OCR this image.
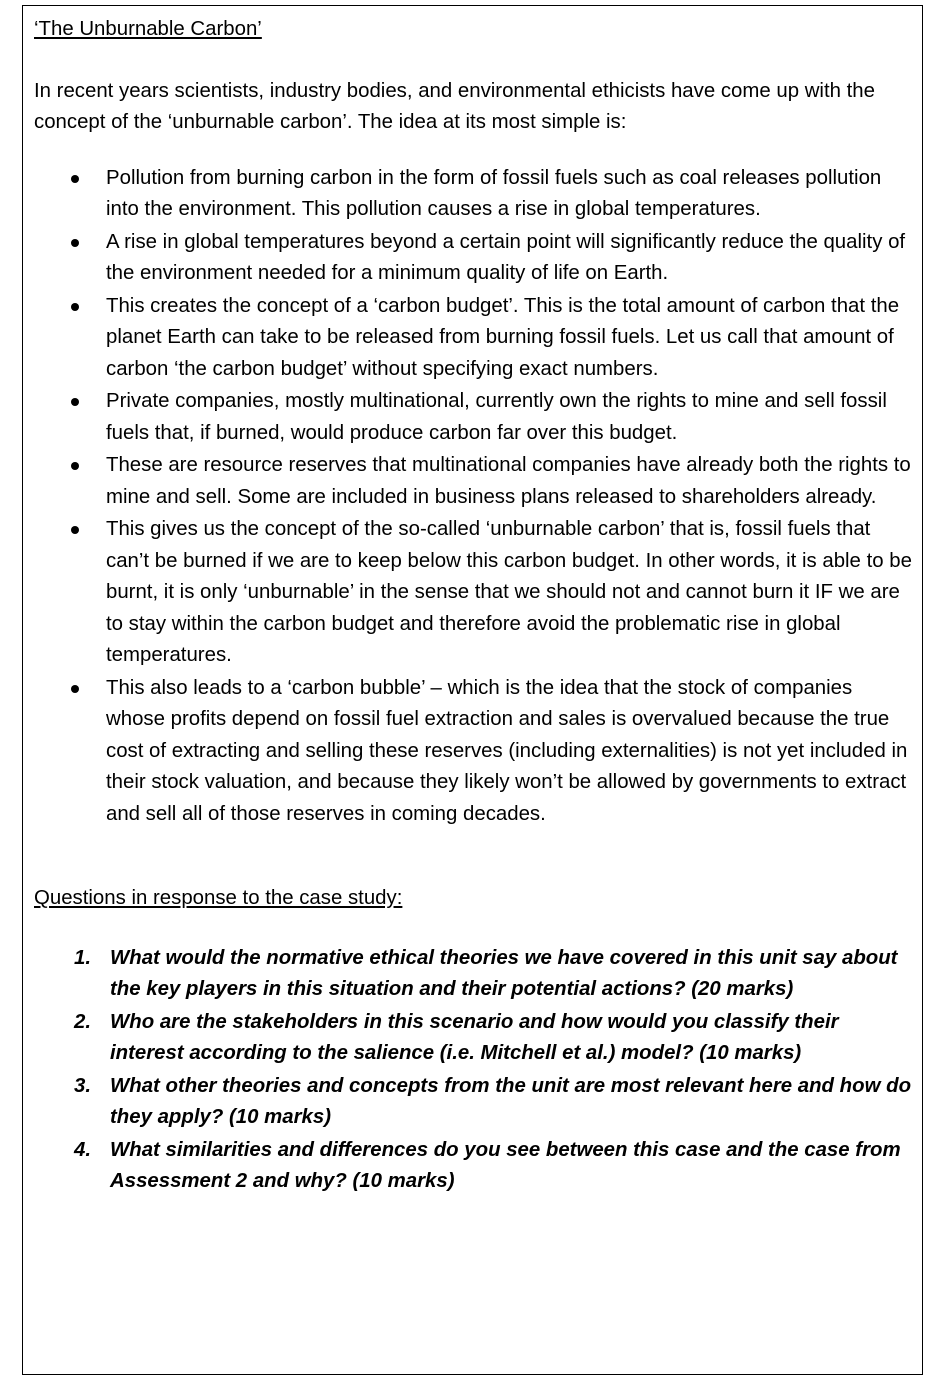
‘The Unburnable Carbon’

In recent years scientists, industry bodies, and environmental ethicists have come up with the concept of the ‘unburnable carbon’. The idea at its most simple is:

Pollution from burning carbon in the form of fossil fuels such as coal releases pollution into the environment. This pollution causes a rise in global temperatures.
A rise in global temperatures beyond a certain point will significantly reduce the quality of the environment needed for a minimum quality of life on Earth.
This creates the concept of a ‘carbon budget’. This is the total amount of carbon that the planet Earth can take to be released from burning fossil fuels. Let us call that amount of carbon ‘the carbon budget’ without specifying exact numbers.
Private companies, mostly multinational, currently own the rights to mine and sell fossil fuels that, if burned, would produce carbon far over this budget.
These are resource reserves that multinational companies have already both the rights to mine and sell. Some are included in business plans released to shareholders already.
This gives us the concept of the so-called ‘unburnable carbon’ that is, fossil fuels that can’t be burned if we are to keep below this carbon budget. In other words, it is able to be burnt, it is only ‘unburnable’ in the sense that we should not and cannot burn it IF we are to stay within the carbon budget and therefore avoid the problematic rise in global temperatures.
This also leads to a ‘carbon bubble’ – which is the idea that the stock of companies whose profits depend on fossil fuel extraction and sales is overvalued because the true cost of extracting and selling these reserves (including externalities) is not yet included in their stock valuation, and because they likely won’t be allowed by governments to extract and sell all of those reserves in coming decades.

Questions in response to the case study:

1. What would the normative ethical theories we have covered in this unit say about the key players in this situation and their potential actions? (20 marks)
2. Who are the stakeholders in this scenario and how would you classify their interest according to the salience (i.e. Mitchell et al.) model? (10 marks)
3. What other theories and concepts from the unit are most relevant here and how do they apply? (10 marks)
4. What similarities and differences do you see between this case and the case from Assessment 2 and why? (10 marks)
